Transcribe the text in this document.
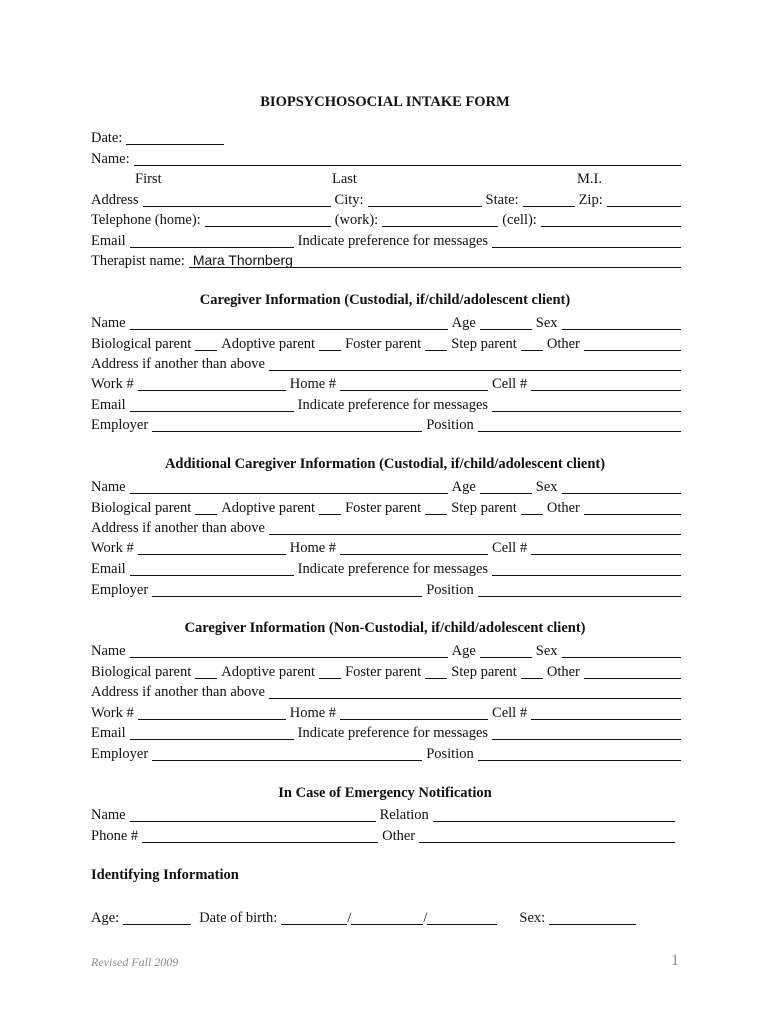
BIOPSYCHOSOCIAL INTAKE FORM
Date:
Name:
First	Last	M.I.
Address	City:	State:	Zip:
Telephone (home):	(work):	(cell):
Email	Indicate preference for messages
Therapist name: Mara Thornberg
Caregiver Information (Custodial, if/child/adolescent client)
Name	Age	Sex
Biological parent Adoptive parent Foster parent Step parent Other
Address if another than above
Work #	Home #	Cell #
Email	Indicate preference for messages
Employer	Position
Additional Caregiver Information (Custodial, if/child/adolescent client)
Name	Age	Sex
Biological parent Adoptive parent Foster parent Step parent Other
Address if another than above
Work #	Home #	Cell #
Email	Indicate preference for messages
Employer	Position
Caregiver Information (Non-Custodial, if/child/adolescent client)
Name	Age	Sex
Biological parent Adoptive parent Foster parent Step parent Other
Address if another than above
Work #	Home #	Cell #
Email	Indicate preference for messages
Employer	Position
In Case of Emergency Notification
Name	Relation
Phone #	Other
Identifying Information
Age:	Date of birth:	/	/	Sex:
Revised Fall 2009	1
